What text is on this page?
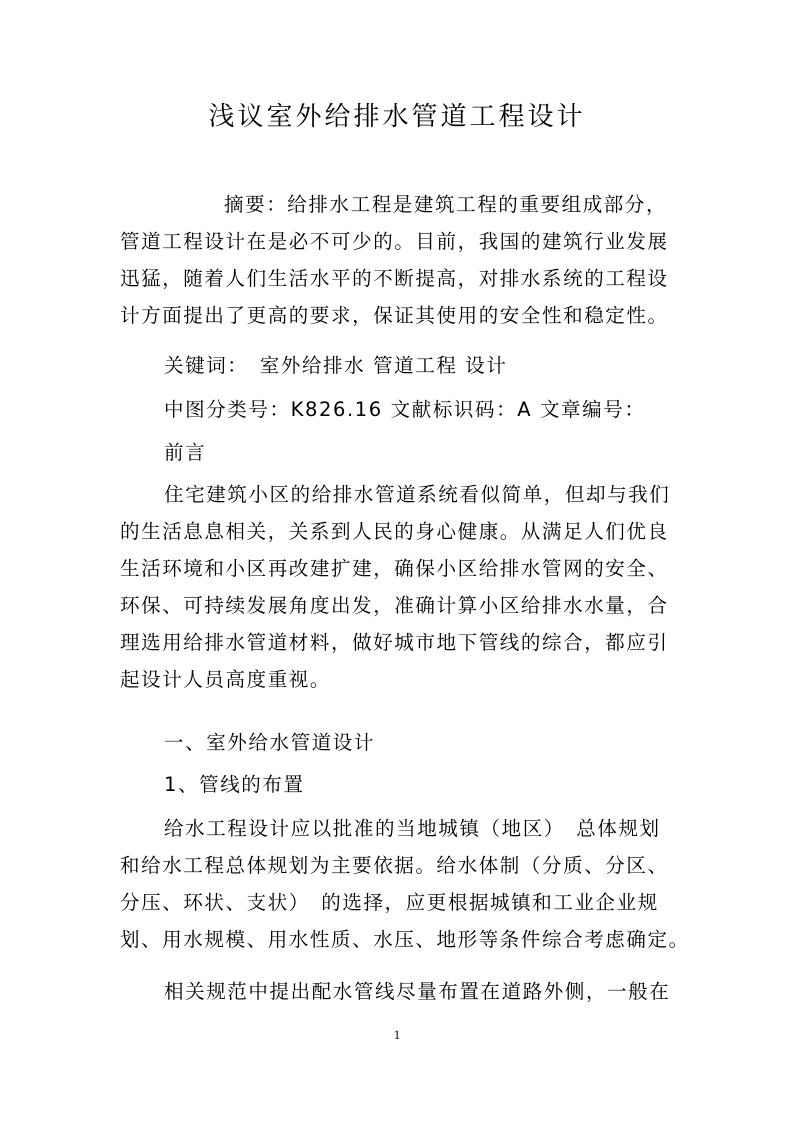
浅议室外给排水管道工程设计
摘要：给排水工程是建筑工程的重要组成部分，
管道工程设计在是必不可少的。目前，我国的建筑行业发展
迅猛，随着人们生活水平的不断提高，对排水系统的工程设
计方面提出了更高的要求，保证其使用的安全性和稳定性。
关键词：　室外给排水 管道工程 设计
中图分类号：K826.16 文献标识码：A 文章编号：
前言
住宅建筑小区的给排水管道系统看似简单，但却与我们
的生活息息相关，关系到人民的身心健康。从满足人们优良
生活环境和小区再改建扩建，确保小区给排水管网的安全、
环保、可持续发展角度出发，准确计算小区给排水水量，合
理选用给排水管道材料，做好城市地下管线的综合，都应引
起设计人员高度重视。
一、室外给水管道设计
1、管线的布置
给水工程设计应以批准的当地城镇（地区）　总体规划
和给水工程总体规划为主要依据。给水体制（分质、分区、
分压、环状、支状）　的选择，应更根据城镇和工业企业规
划、用水规模、用水性质、水压、地形等条件综合考虑确定。
相关规范中提出配水管线尽量布置在道路外侧，一般在

1
